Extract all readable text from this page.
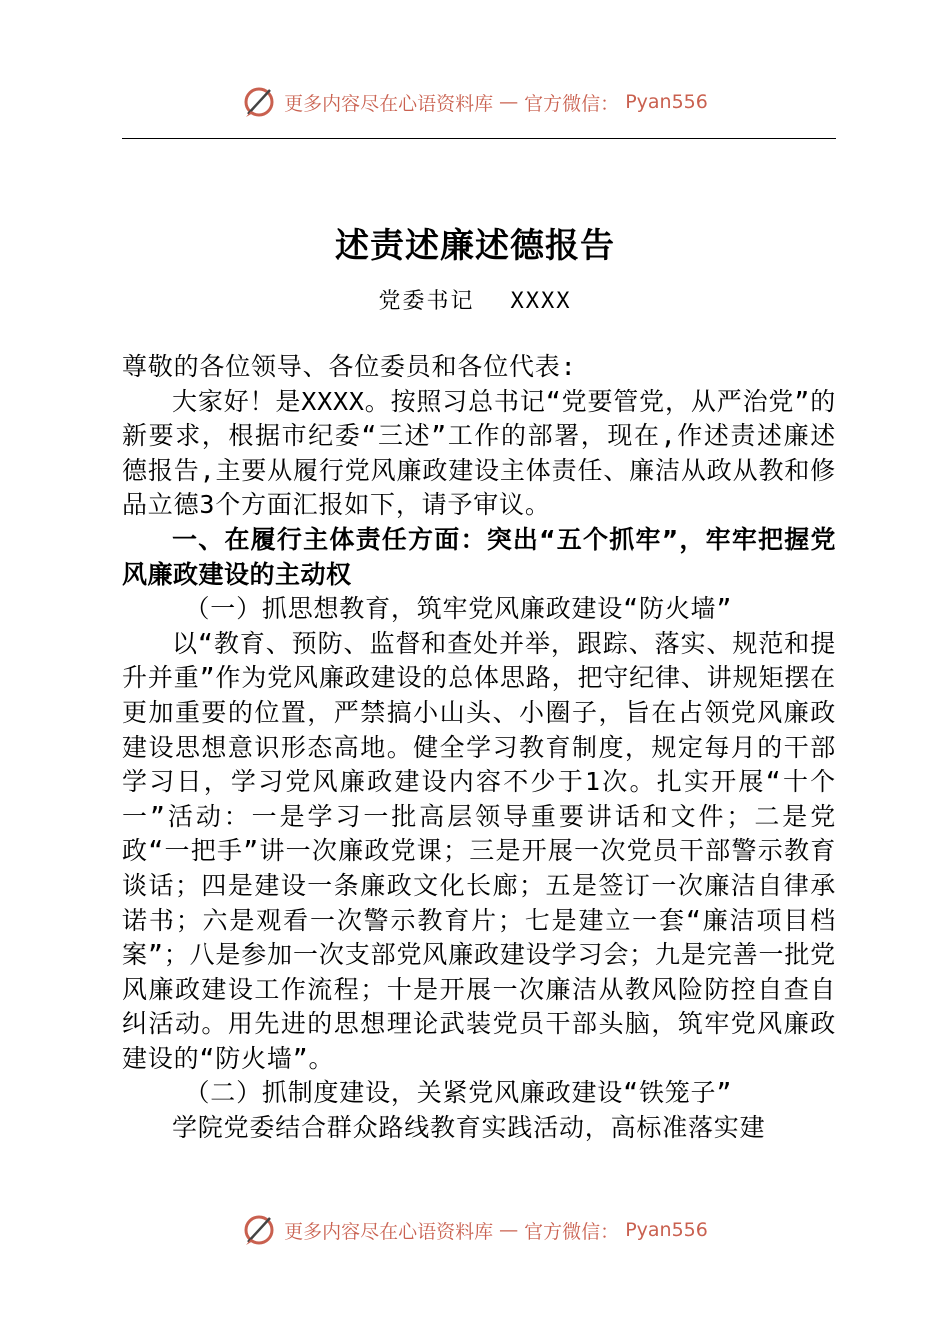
更多内容尽在心语资料库 — 官方微信： Pyan556
述责述廉述德报告
党委书记 XXXX

尊敬的各位领导、各位委员和各位代表:

大家好！是XXXX。按照习总书记“党要管党，从严治党”的新要求，根据市纪委“三述”工作的部署，现在,作述责述廉述德报告,主要从履行党风廉政建设主体责任、廉洁从政从教和修品立德3个方面汇报如下，请予审议。

一、在履行主体责任方面：突出“五个抓牢”，牢牢把握党风廉政建设的主动权

（一）抓思想教育，筑牢党风廉政建设“防火墙”

以“教育、预防、监督和查处并举，跟踪、落实、规范和提升并重”作为党风廉政建设的总体思路，把守纪律、讲规矩摆在更加重要的位置，严禁搞小山头、小圈子，旨在占领党风廉政建设思想意识形态高地。健全学习教育制度，规定每月的干部学习日，学习党风廉政建设内容不少于1次。扎实开展“十个一”活动：一是学习一批高层领导重要讲话和文件；二是党政“一把手”讲一次廉政党课；三是开展一次党员干部警示教育谈话；四是建设一条廉政文化长廊；五是签订一次廉洁自律承诺书；六是观看一次警示教育片；七是建立一套“廉洁项目档案”；八是参加一次支部党风廉政建设学习会；九是完善一批党风廉政建设工作流程；十是开展一次廉洁从教风险防控自查自纠活动。用先进的思想理论武装党员干部头脑，筑牢党风廉政建设的“防火墙”。

（二）抓制度建设，关紧党风廉政建设“铁笼子”

学院党委结合群众路线教育实践活动，高标准落实建

更多内容尽在心语资料库 — 官方微信： Pyan556
